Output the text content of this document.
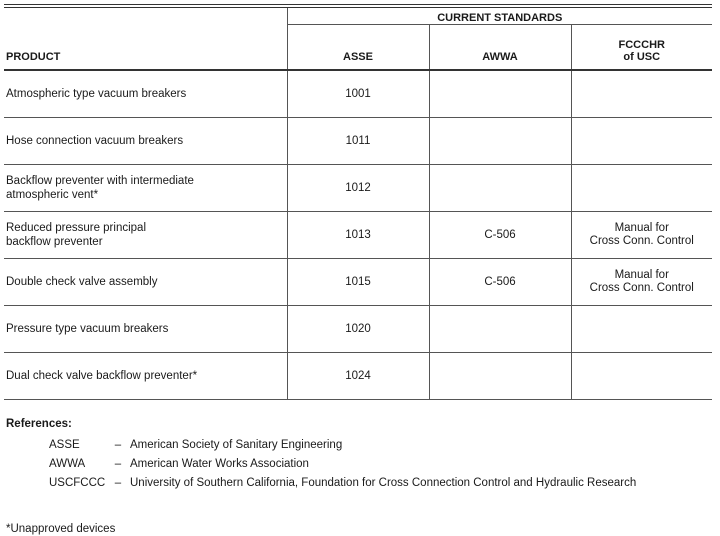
	CURRENT STANDARDS		
PRODUCT	ASSE	AWWA	FCCCHR
of USC
Atmospheric type vacuum breakers	1001		

Hose connection vacuum breakers	1011		

Backflow preventer with intermediate
atmospheric vent*	1012		

Reduced pressure principal
backflow preventer	1013	C-506	Manual for
Cross Conn. Control
Double check valve assembly	1015	C-506	Manual for
Cross Conn. Control
Pressure type vacuum breakers	1020		

Dual check valve backflow preventer*	1024		

References:
ASSE	– American Society of Sanitary Engineering
AWWA	– American Water Works Association
USCFCCC – University of Southern California, Foundation for Cross Connection Control and Hydraulic Research
*Unapproved devices
